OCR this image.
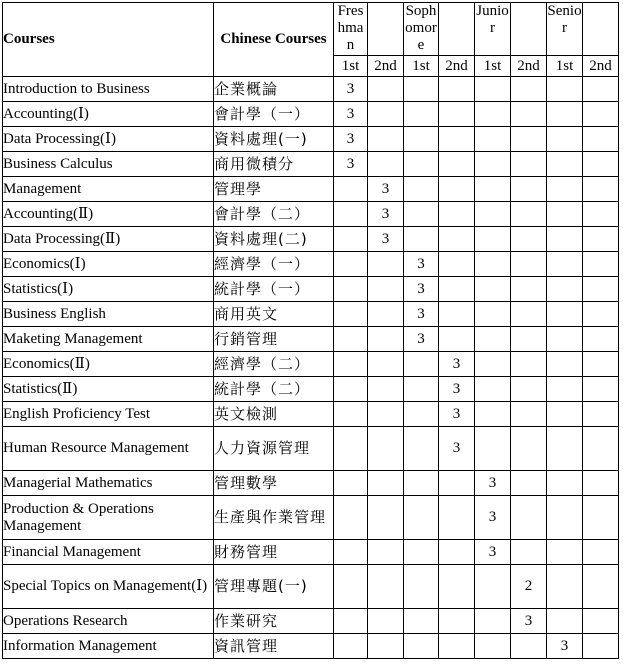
Courses	Chinese Courses	Freshman		Sophomore		Junior		Senior	
		1st	2nd	1st	2nd	1st	2nd	1st	2nd
Introduction to Business	企業概論	3							
Accounting(Ⅰ)	會計學（一）	3							
Data Processing(Ⅰ)	資料處理(一)	3							
Business Calculus	商用微積分	3							
Management	管理學		3						
Accounting(Ⅱ)	會計學（二）		3						
Data Processing(Ⅱ)	資料處理(二)		3						
Economics(Ⅰ)	經濟學（一）			3					
Statistics(Ⅰ)	統計學（一）			3					
Business English	商用英文			3					
Maketing Management	行銷管理			3					
Economics(Ⅱ)	經濟學（二）				3				
Statistics(Ⅱ)	統計學（二）				3				
English Proficiency Test	英文檢測				3				
Human Resource Management	人力資源管理				3				
Managerial Mathematics	管理數學					3			
Production & Operations Management	生產與作業管理					3			
Financial Management	財務管理					3			
Special Topics on Management(Ⅰ)	管理專題(一)						2		
Operations Research	作業研究						3		
Information Management	資訊管理							3	
